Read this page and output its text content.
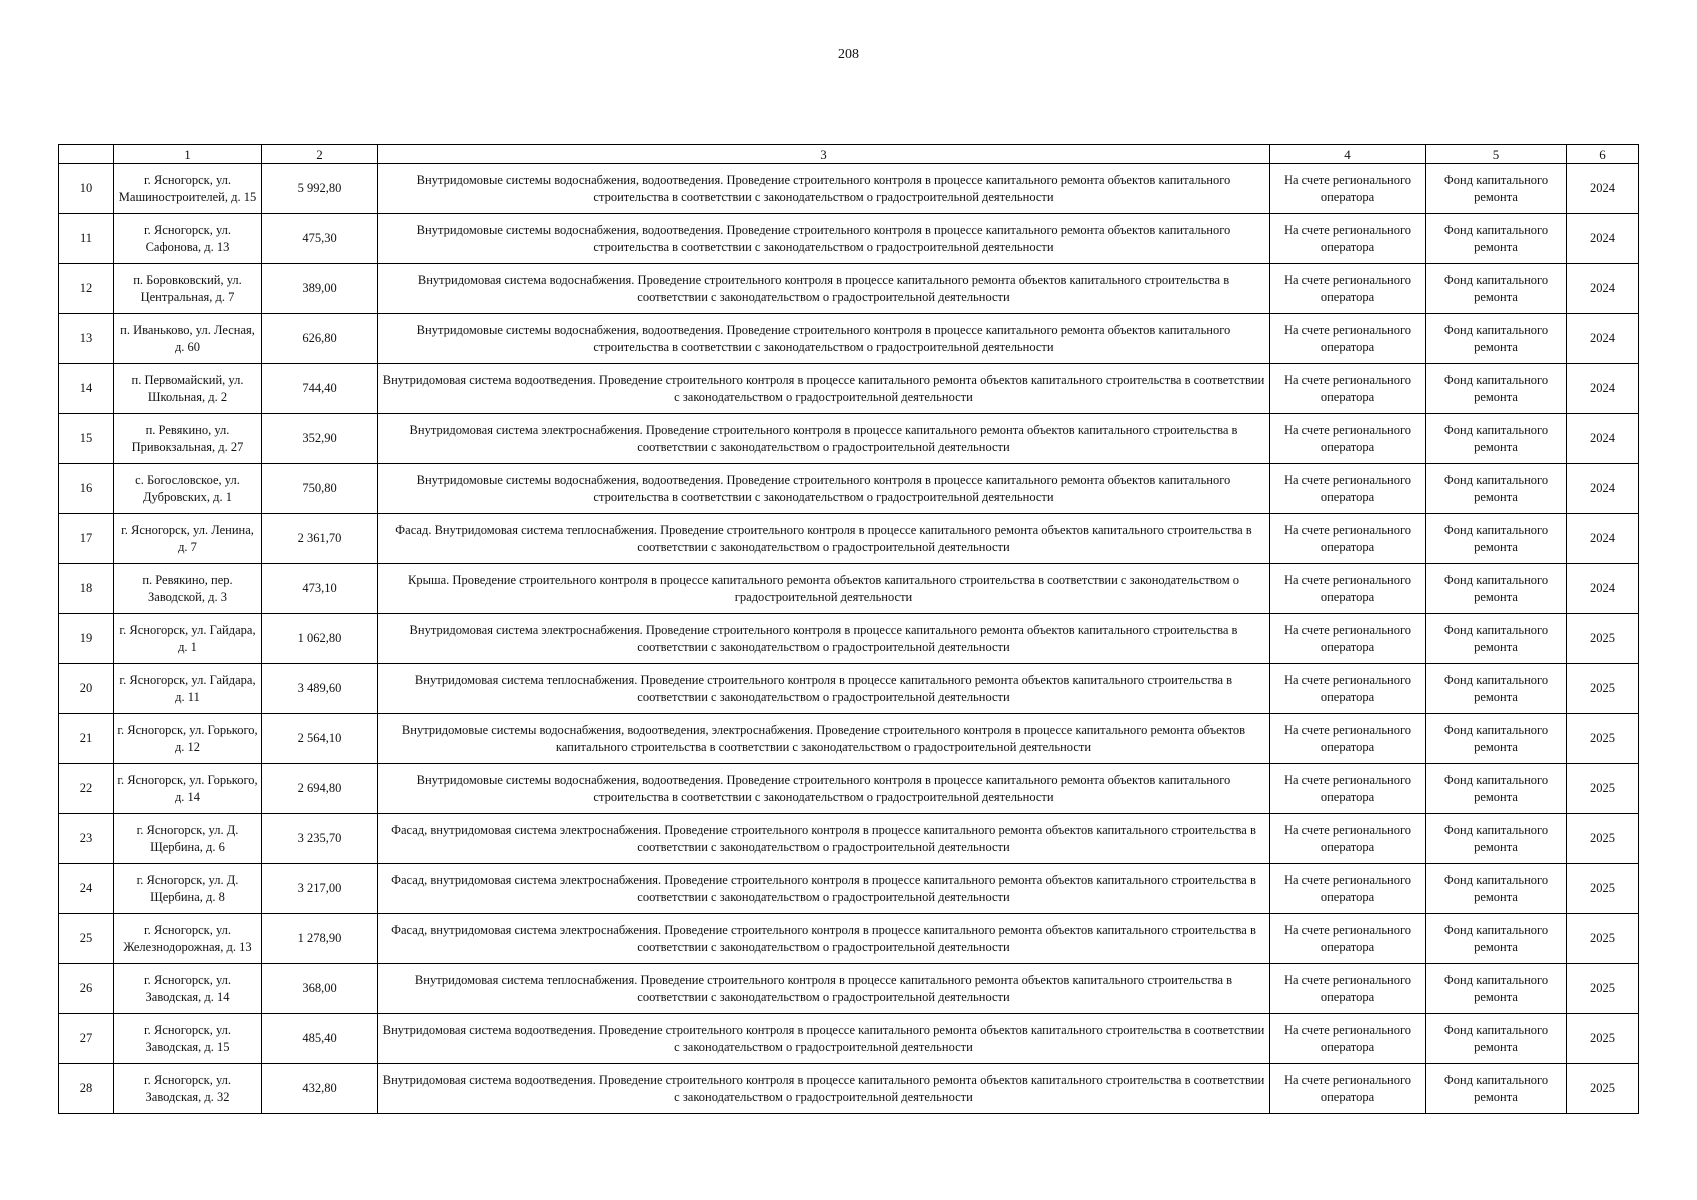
208
	1	2	3	4	5	6
10	г. Ясногорск, ул. Машиностроителей, д. 15	5 992,80	Внутридомовые системы водоснабжения, водоотведения. Проведение строительного контроля в процессе капитального ремонта объектов капитального строительства в соответствии с законодательством о градостроительной деятельности	На счете регионального оператора	Фонд капитального ремонта	2024
11	г. Ясногорск, ул. Сафонова, д. 13	475,30	Внутридомовые системы водоснабжения, водоотведения. Проведение строительного контроля в процессе капитального ремонта объектов капитального строительства в соответствии с законодательством о градостроительной деятельности	На счете регионального оператора	Фонд капитального ремонта	2024
12	п. Боровковский, ул. Центральная, д. 7	389,00	Внутридомовая система водоснабжения. Проведение строительного контроля в процессе капитального ремонта объектов капитального строительства в соответствии с законодательством о градостроительной деятельности	На счете регионального оператора	Фонд капитального ремонта	2024
13	п. Иваньково, ул. Лесная, д. 60	626,80	Внутридомовые системы водоснабжения, водоотведения. Проведение строительного контроля в процессе капитального ремонта объектов капитального строительства в соответствии с законодательством о градостроительной деятельности	На счете регионального оператора	Фонд капитального ремонта	2024
14	п. Первомайский, ул. Школьная, д. 2	744,40	Внутридомовая система водоотведения. Проведение строительного контроля в процессе капитального ремонта объектов капитального строительства в соответствии с законодательством о градостроительной деятельности	На счете регионального оператора	Фонд капитального ремонта	2024
15	п. Ревякино, ул. Привокзальная, д. 27	352,90	Внутридомовая система электроснабжения. Проведение строительного контроля в процессе капитального ремонта объектов капитального строительства в соответствии с законодательством о градостроительной деятельности	На счете регионального оператора	Фонд капитального ремонта	2024
16	с. Богословское, ул. Дубровских, д. 1	750,80	Внутридомовые системы водоснабжения, водоотведения. Проведение строительного контроля в процессе капитального ремонта объектов капитального строительства в соответствии с законодательством о градостроительной деятельности	На счете регионального оператора	Фонд капитального ремонта	2024
17	г. Ясногорск, ул. Ленина, д. 7	2 361,70	Фасад. Внутридомовая система теплоснабжения. Проведение строительного контроля в процессе капитального ремонта объектов капитального строительства в соответствии с законодательством о градостроительной деятельности	На счете регионального оператора	Фонд капитального ремонта	2024
18	п. Ревякино, пер. Заводской, д. 3	473,10	Крыша. Проведение строительного контроля в процессе капитального ремонта объектов капитального строительства в соответствии с законодательством о градостроительной деятельности	На счете регионального оператора	Фонд капитального ремонта	2024
19	г. Ясногорск, ул. Гайдара, д. 1	1 062,80	Внутридомовая система электроснабжения. Проведение строительного контроля в процессе капитального ремонта объектов капитального строительства в соответствии с законодательством о градостроительной деятельности	На счете регионального оператора	Фонд капитального ремонта	2025
20	г. Ясногорск, ул. Гайдара, д. 11	3 489,60	Внутридомовая система теплоснабжения. Проведение строительного контроля в процессе капитального ремонта объектов капитального строительства в соответствии с законодательством о градостроительной деятельности	На счете регионального оператора	Фонд капитального ремонта	2025
21	г. Ясногорск, ул. Горького, д. 12	2 564,10	Внутридомовые системы водоснабжения, водоотведения, электроснабжения. Проведение строительного контроля в процессе капитального ремонта объектов капитального строительства в соответствии с законодательством о градостроительной деятельности	На счете регионального оператора	Фонд капитального ремонта	2025
22	г. Ясногорск, ул. Горького, д. 14	2 694,80	Внутридомовые системы водоснабжения, водоотведения. Проведение строительного контроля в процессе капитального ремонта объектов капитального строительства в соответствии с законодательством о градостроительной деятельности	На счете регионального оператора	Фонд капитального ремонта	2025
23	г. Ясногорск, ул. Д. Щербина, д. 6	3 235,70	Фасад, внутридомовая система электроснабжения. Проведение строительного контроля в процессе капитального ремонта объектов капитального строительства в соответствии с законодательством о градостроительной деятельности	На счете регионального оператора	Фонд капитального ремонта	2025
24	г. Ясногорск, ул. Д. Щербина, д. 8	3 217,00	Фасад, внутридомовая система электроснабжения. Проведение строительного контроля в процессе капитального ремонта объектов капитального строительства в соответствии с законодательством о градостроительной деятельности	На счете регионального оператора	Фонд капитального ремонта	2025
25	г. Ясногорск, ул. Железнодорожная, д. 13	1 278,90	Фасад, внутридомовая система электроснабжения. Проведение строительного контроля в процессе капитального ремонта объектов капитального строительства в соответствии с законодательством о градостроительной деятельности	На счете регионального оператора	Фонд капитального ремонта	2025
26	г. Ясногорск, ул. Заводская, д. 14	368,00	Внутридомовая система теплоснабжения. Проведение строительного контроля в процессе капитального ремонта объектов капитального строительства в соответствии с законодательством о градостроительной деятельности	На счете регионального оператора	Фонд капитального ремонта	2025
27	г. Ясногорск, ул. Заводская, д. 15	485,40	Внутридомовая система водоотведения. Проведение строительного контроля в процессе капитального ремонта объектов капитального строительства в соответствии с законодательством о градостроительной деятельности	На счете регионального оператора	Фонд капитального ремонта	2025
28	г. Ясногорск, ул. Заводская, д. 32	432,80	Внутридомовая система водоотведения. Проведение строительного контроля в процессе капитального ремонта объектов капитального строительства в соответствии с законодательством о градостроительной деятельности	На счете регионального оператора	Фонд капитального ремонта	2025
